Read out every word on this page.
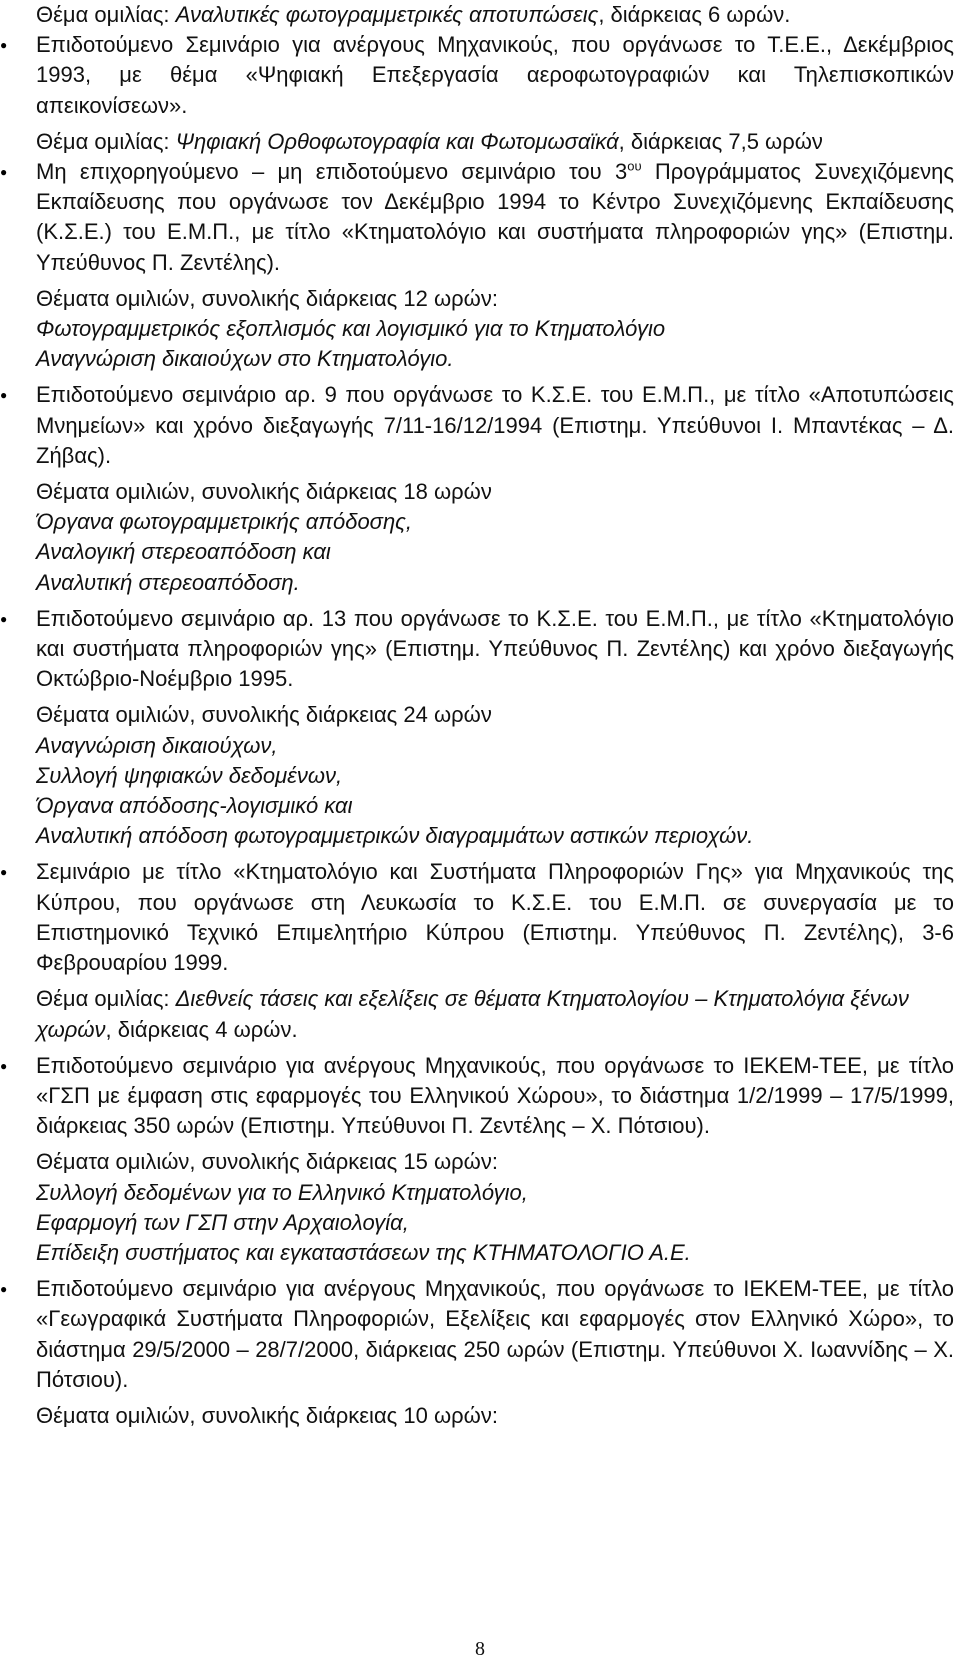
Θέμα ομιλίας: Αναλυτικές φωτογραμμετρικές αποτυπώσεις, διάρκειας 6 ωρών.

● Επιδοτούμενο Σεμινάριο για ανέργους Μηχανικούς, που οργάνωσε το Τ.Ε.Ε., Δεκέμβριος 1993, με θέμα «Ψηφιακή Επεξεργασία αεροφωτογραφιών και Τηλεπισκοπικών απεικονίσεων».

Θέμα ομιλίας: Ψηφιακή Ορθοφωτογραφία και Φωτομωσαϊκά, διάρκειας 7,5 ωρών

● Μη επιχορηγούμενο – μη επιδοτούμενο σεμινάριο του $3^{o\upsilon}$ Προγράμματος Συνεχιζόμενης Εκπαίδευσης που οργάνωσε τον Δεκέμβριο 1994 το Κέντρο Συνεχιζόμενης Εκπαίδευσης (Κ.Σ.Ε.) του Ε.Μ.Π., με τίτλο «Κτηματολόγιο και συστήματα πληροφοριών γης» (Επιστημ. Υπεύθυνος Π. Ζεντέλης).

Θέματα ομιλιών, συνολικής διάρκειας 12 ωρών:
Φωτογραμμετρικός εξοπλισμός και λογισμικό για το Κτηματολόγιο
Αναγνώριση δικαιούχων στο Κτηματολόγιο.

● Επιδοτούμενο σεμινάριο αρ. 9 που οργάνωσε το Κ.Σ.Ε. του Ε.Μ.Π., με τίτλο «Αποτυπώσεις Μνημείων» και χρόνο διεξαγωγής 7/11-16/12/1994 (Επιστημ. Υπεύθυνοι Ι. Μπαντέκας – Δ. Ζήβας).

Θέματα ομιλιών, συνολικής διάρκειας 18 ωρών
Όργανα φωτογραμμετρικής απόδοσης,
Αναλογική στερεοαπόδοση και
Αναλυτική στερεοαπόδοση.

● Επιδοτούμενο σεμινάριο αρ. 13 που οργάνωσε το Κ.Σ.Ε. του Ε.Μ.Π., με τίτλο «Κτηματολόγιο και συστήματα πληροφοριών γης» (Επιστημ. Υπεύθυνος Π. Ζεντέλης) και χρόνο διεξαγωγής Οκτώβριο-Νοέμβριο 1995.

Θέματα ομιλιών, συνολικής διάρκειας 24 ωρών
Αναγνώριση δικαιούχων,
Συλλογή ψηφιακών δεδομένων,
Όργανα απόδοσης-λογισμικό και
Αναλυτική απόδοση φωτογραμμετρικών διαγραμμάτων αστικών περιοχών.

● Σεμινάριο με τίτλο «Κτηματολόγιο και Συστήματα Πληροφοριών Γης» για Μηχανικούς της Κύπρου, που οργάνωσε στη Λευκωσία το Κ.Σ.Ε. του Ε.Μ.Π. σε συνεργασία με το Επιστημονικό Τεχνικό Επιμελητήριο Κύπρου (Επιστημ. Υπεύθυνος Π. Ζεντέλης), 3-6 Φεβρουαρίου 1999.

Θέμα ομιλίας: Διεθνείς τάσεις και εξελίξεις σε θέματα Κτηματολογίου – Κτηματολόγια ξένων χωρών, διάρκειας 4 ωρών.

● Επιδοτούμενο σεμινάριο για ανέργους Μηχανικούς, που οργάνωσε το ΙΕΚΕΜ-ΤΕΕ, με τίτλο «ΓΣΠ με έμφαση στις εφαρμογές του Ελληνικού Χώρου», το διάστημα 1/2/1999 – 17/5/1999, διάρκειας 350 ωρών (Επιστημ. Υπεύθυνοι Π. Ζεντέλης – Χ. Πότσιου).

Θέματα ομιλιών, συνολικής διάρκειας 15 ωρών:
Συλλογή δεδομένων για το Ελληνικό Κτηματολόγιο,
Εφαρμογή των ΓΣΠ στην Αρχαιολογία,
Επίδειξη συστήματος και εγκαταστάσεων της ΚΤΗΜΑΤΟΛΟΓΙΟ Α.Ε.

● Επιδοτούμενο σεμινάριο για ανέργους Μηχανικούς, που οργάνωσε το ΙΕΚΕΜ-ΤΕΕ, με τίτλο «Γεωγραφικά Συστήματα Πληροφοριών, Εξελίξεις και εφαρμογές στον Ελληνικό Χώρο», το διάστημα 29/5/2000 – 28/7/2000, διάρκειας 250 ωρών (Επιστημ. Υπεύθυνοι Χ. Ιωαννίδης – Χ. Πότσιου).

Θέματα ομιλιών, συνολικής διάρκειας 10 ωρών:

8
